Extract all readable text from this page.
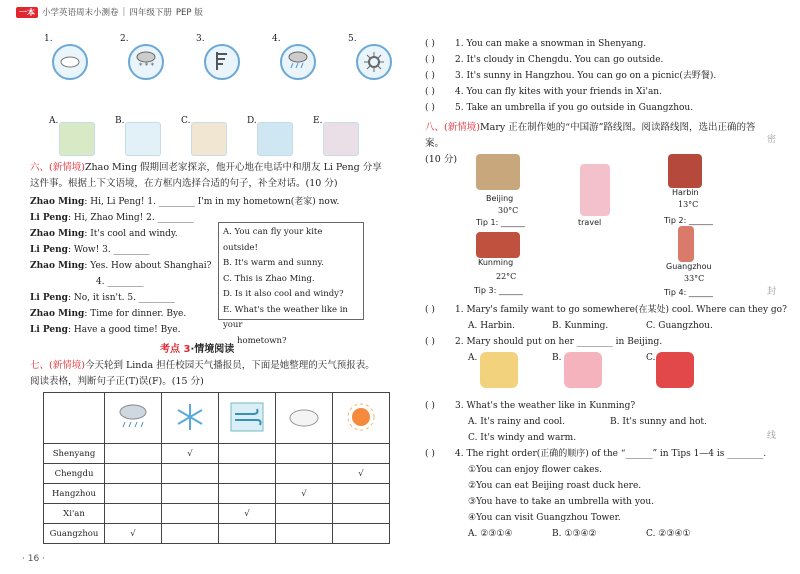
一本 小学英语周末小测卷 | 四年级下册 PEP 版
1.	2.
* * *
3.	4.	5.
A.	B.	C.	D.	E.
六、(新情境)Zhao Ming 假期回老家探亲，他开心地在电话中和朋友 Li Peng 分享这件事。根据上下文语境，在方框内选择合适的句子，补全对话。(10 分)
Zhao Ming: Hi, Li Peng! 1. ________ I'm in my hometown(老家) now.
Li Peng: Hi, Zhao Ming! 2. ________
Zhao Ming: It's cool and windy.
Li Peng: Wow! 3. ________
Zhao Ming: Yes. How about Shanghai?
4. ________
Li Peng: No, it isn't. 5. ________
Zhao Ming: Time for dinner. Bye.
Li Peng: Have a good time! Bye.
A. You can fly your kite outside!
B. It's warm and sunny.
C. This is Zhao Ming.
D. Is it also cool and windy?
E. What's the weather like in your
hometown?
考点 3·情境阅读
七、(新情境)今天轮到 Linda 担任校园天气播报员，下面是她整理的天气预报表。阅读表格，判断句子正(T)误(F)。(15 分)

Shenyang		√			
Chengdu					√
Hangzhou				√	
Xi'an			√		
Guangzhou	√				
· 16 ·
( ) 1. You can make a snowman in Shenyang.
( ) 2. It's cloudy in Chengdu. You can go outside.
( ) 3. It's sunny in Hangzhou. You can go on a picnic(去野餐).
( ) 4. You can fly kites with your friends in Xi'an.
( ) 5. Take an umbrella if you go outside in Guangzhou.
八、(新情境)Mary 正在制作她的“中国游”路线图。阅读路线图，选出正确的答案。
(10 分)
Beijing
30°C
Tip 1: ______	travel
Harbin
13°C
Tip 2: ______
Kunming
22°C
Tip 3: ______
Guangzhou
33°C
Tip 4: ______
( ) 1. Mary's family want to go somewhere(在某处) cool. Where can they go?
A. Harbin.	B. Kunming.	C. Guangzhou.
( ) 2. Mary should put on her ________ in Beijing.
A.	B.	C.
( ) 3. What's the weather like in Kunming?
A. It's rainy and cool.	B. It's sunny and hot.
C. It's windy and warm.
( ) 4. The right order(正确的顺序) of the “______” in Tips 1—4 is ________.
①You can enjoy flower cakes.
②You can eat Beijing roast duck here.
③You have to take an umbrella with you.
④You can visit Guangzhou Tower.
A. ②③①④	B. ①③④②	C. ②③④①
密
封
线
